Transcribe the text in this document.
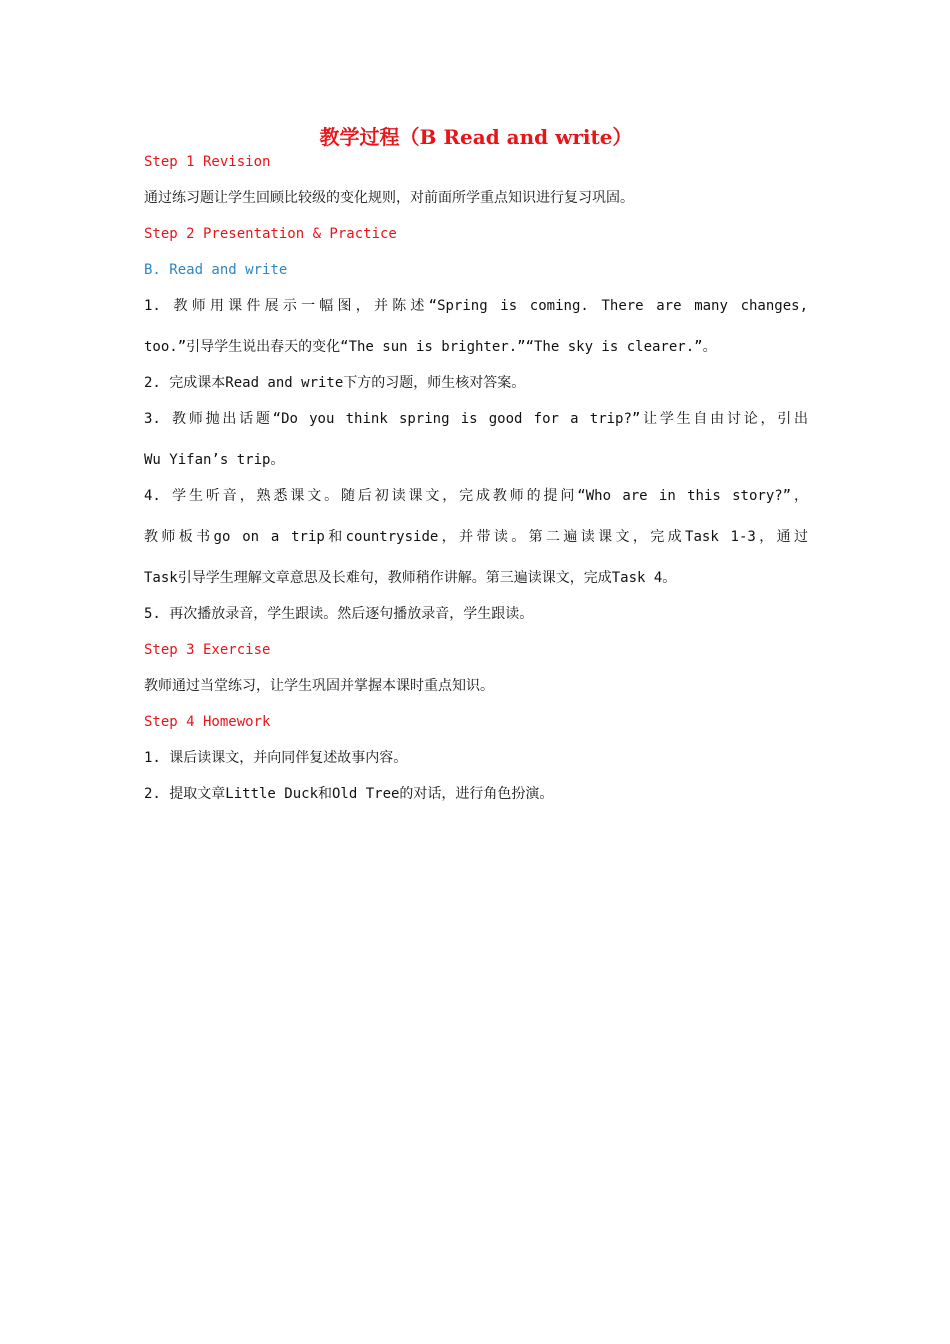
教学过程（B Read and write）
Step 1 Revision
通过练习题让学生回顾比较级的变化规则，对前面所学重点知识进行复习巩固。
Step 2 Presentation & Practice
B. Read and write
1. 教师用课件展示一幅图，并陈述“Spring is coming. There are many changes,
too.”引导学生说出春天的变化“The sun is brighter.”“The sky is clearer.”。
2. 完成课本Read and write下方的习题，师生核对答案。
3. 教师抛出话题“Do you think spring is good for a trip?”让学生自由讨论，引出
Wu Yifan’s trip。
4. 学生听音，熟悉课文。随后初读课文，完成教师的提问“Who are in this story?”，
教师板书go on a trip和countryside，并带读。第二遍读课文，完成Task 1-3，通过
Task引导学生理解文章意思及长难句，教师稍作讲解。第三遍读课文，完成Task 4。
5. 再次播放录音，学生跟读。然后逐句播放录音，学生跟读。
Step 3 Exercise
教师通过当堂练习，让学生巩固并掌握本课时重点知识。
Step 4 Homework
1. 课后读课文，并向同伴复述故事内容。
2. 提取文章Little Duck和Old Tree的对话，进行角色扮演。
